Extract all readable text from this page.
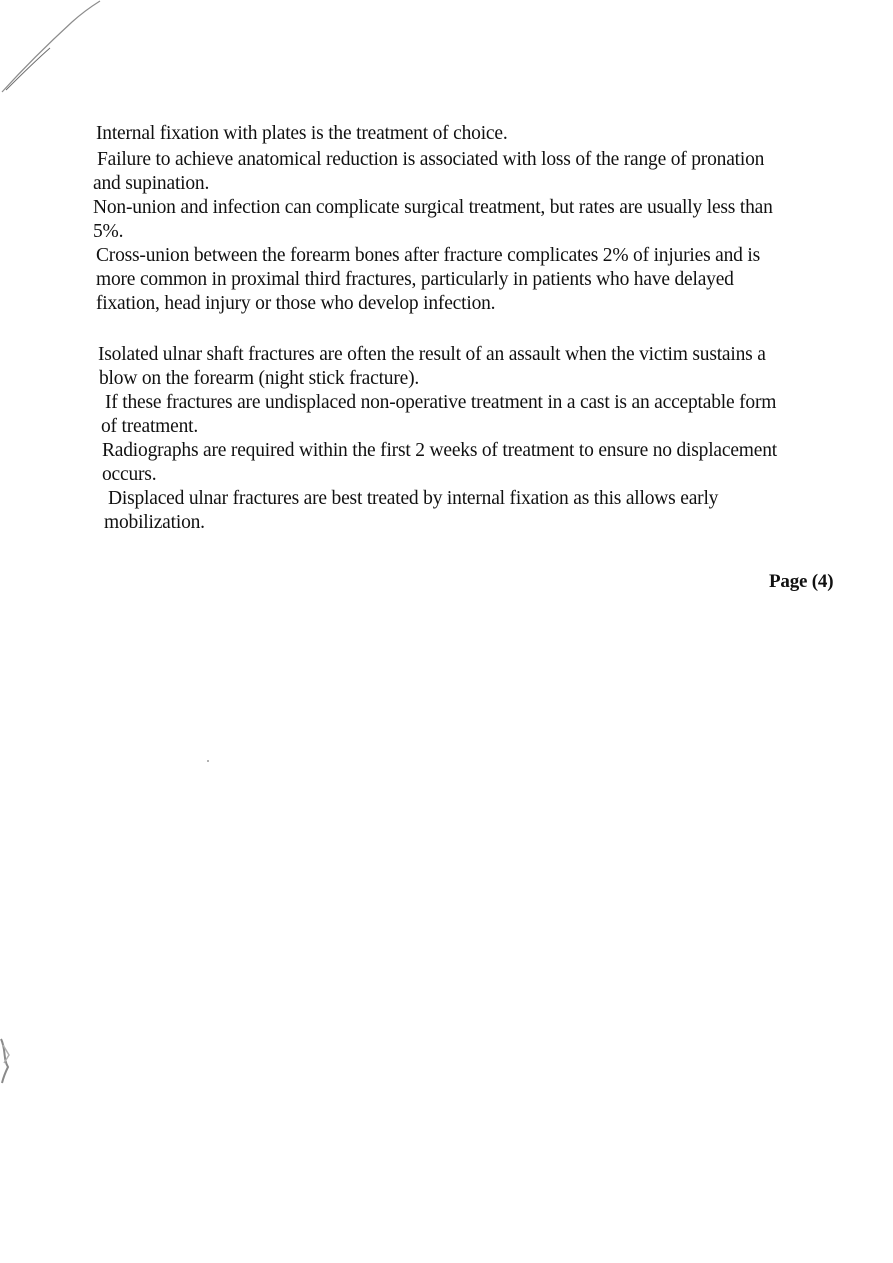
Internal fixation with plates is the treatment of choice.
Failure to achieve anatomical reduction is associated with loss of the range of pronation
and supination.
Non-union and infection can complicate surgical treatment, but rates are usually less than
5%.
Cross-union between the forearm bones after fracture complicates 2% of injuries and is
more common in proximal third fractures, particularly in patients who have delayed
fixation, head injury or those who develop infection.
Isolated ulnar shaft fractures are often the result of an assault when the victim sustains a
blow on the forearm (night stick fracture).
If these fractures are undisplaced non-operative treatment in a cast is an acceptable form
of treatment.
Radiographs are required within the first 2 weeks of treatment to ensure no displacement
occurs.
Displaced ulnar fractures are best treated by internal fixation as this allows early
mobilization.
Page (4)
